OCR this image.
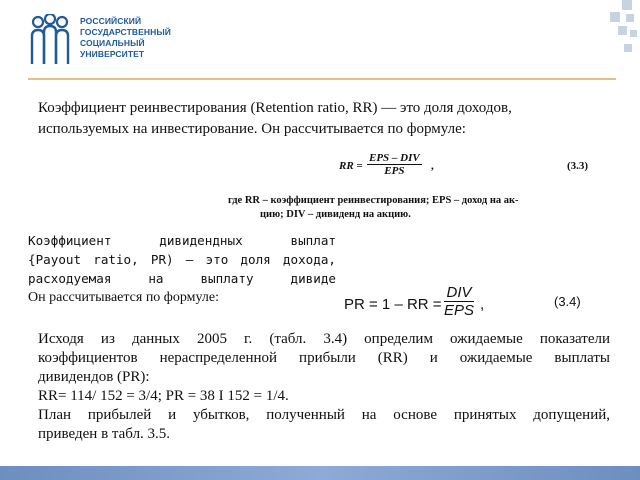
РОССИЙСКИЙ
ГОСУДАРСТВЕННЫЙ
СОЦИАЛЬНЫЙ
УНИВЕРСИТЕТ
Коэффициент реинвестирования (Retention ratio, RR) — это доля доходов,
используемых на инвестирование. Он рассчитывается по формуле:
RR =
EPS – DIV
EPS	,	(3.3)
где RR – коэффициент реинвестирования; EPS – доход на ак-
цию; DIV – дивиденд на акцию.
Коэффициент дивидендных выплат
{Payout ratio, PR) — это доля дохода,
расходуемая на выплату дивиде
Он рассчитывается по формуле:	PR = 1 – RR =
DIV
EPS ,	(3.4)
Исходя из данных 2005 г. (табл. 3.4) определим ожидаемые показатели
коэффициентов нераспределенной прибыли (RR) и ожидаемые выплаты
дивидендов (PR):
RR= 114/ 152 = 3/4; PR = 38 I 152 = 1/4.
План прибылей и убытков, полученный на основе принятых допущений,
приведен в табл. 3.5.
